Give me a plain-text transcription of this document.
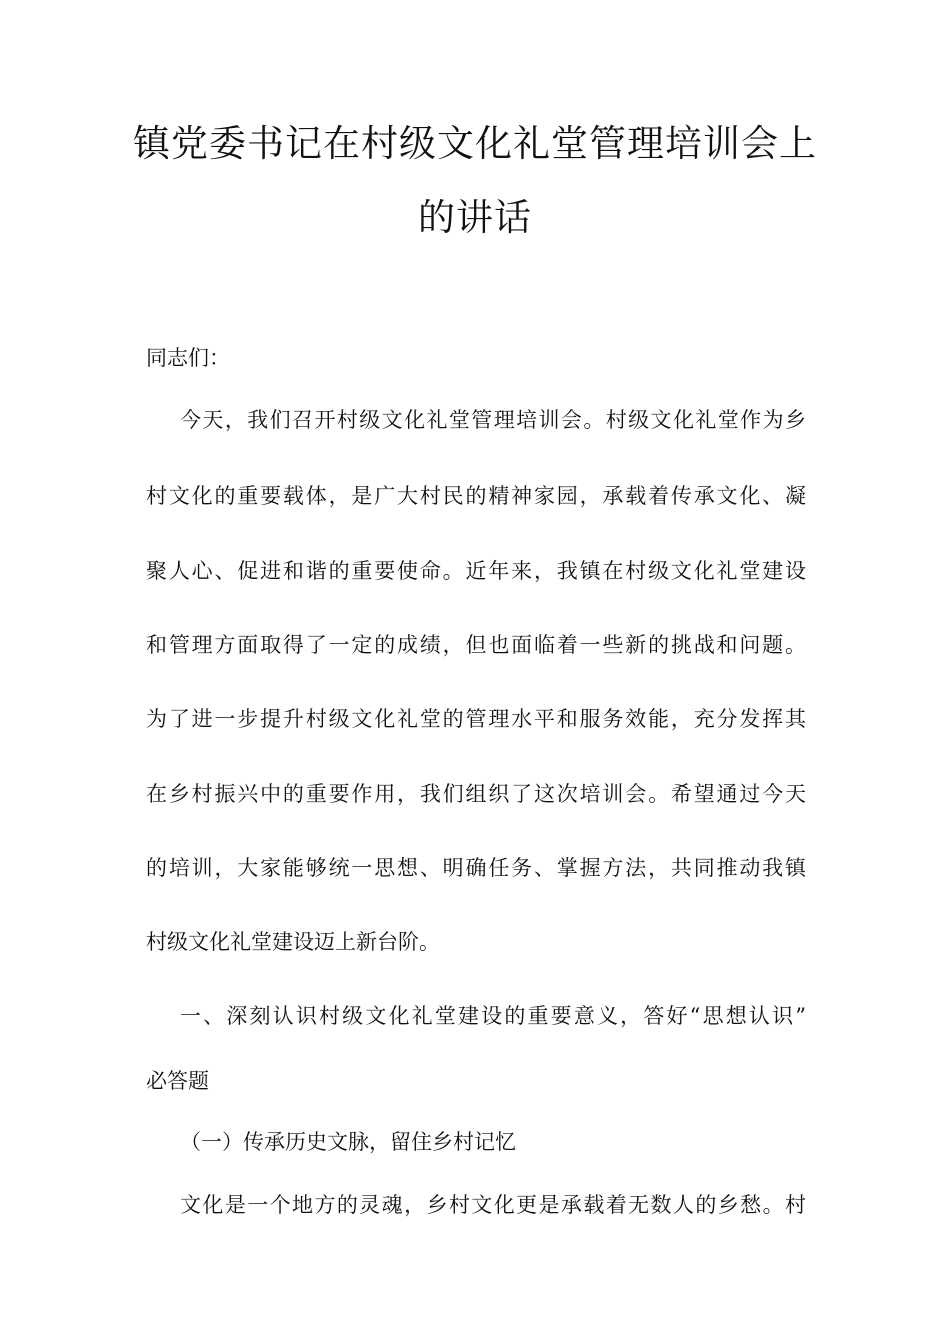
镇党委书记在村级文化礼堂管理培训会上
的讲话

同志们：

今天，我们召开村级文化礼堂管理培训会。村级文化礼堂作为乡

村文化的重要载体，是广大村民的精神家园，承载着传承文化、凝

聚人心、促进和谐的重要使命。近年来，我镇在村级文化礼堂建设

和管理方面取得了一定的成绩，但也面临着一些新的挑战和问题。

为了进一步提升村级文化礼堂的管理水平和服务效能，充分发挥其

在乡村振兴中的重要作用，我们组织了这次培训会。希望通过今天

的培训，大家能够统一思想、明确任务、掌握方法，共同推动我镇

村级文化礼堂建设迈上新台阶。

一、深刻认识村级文化礼堂建设的重要意义，答好“思想认识”

必答题

（一）传承历史文脉，留住乡村记忆

文化是一个地方的灵魂，乡村文化更是承载着无数人的乡愁。村
